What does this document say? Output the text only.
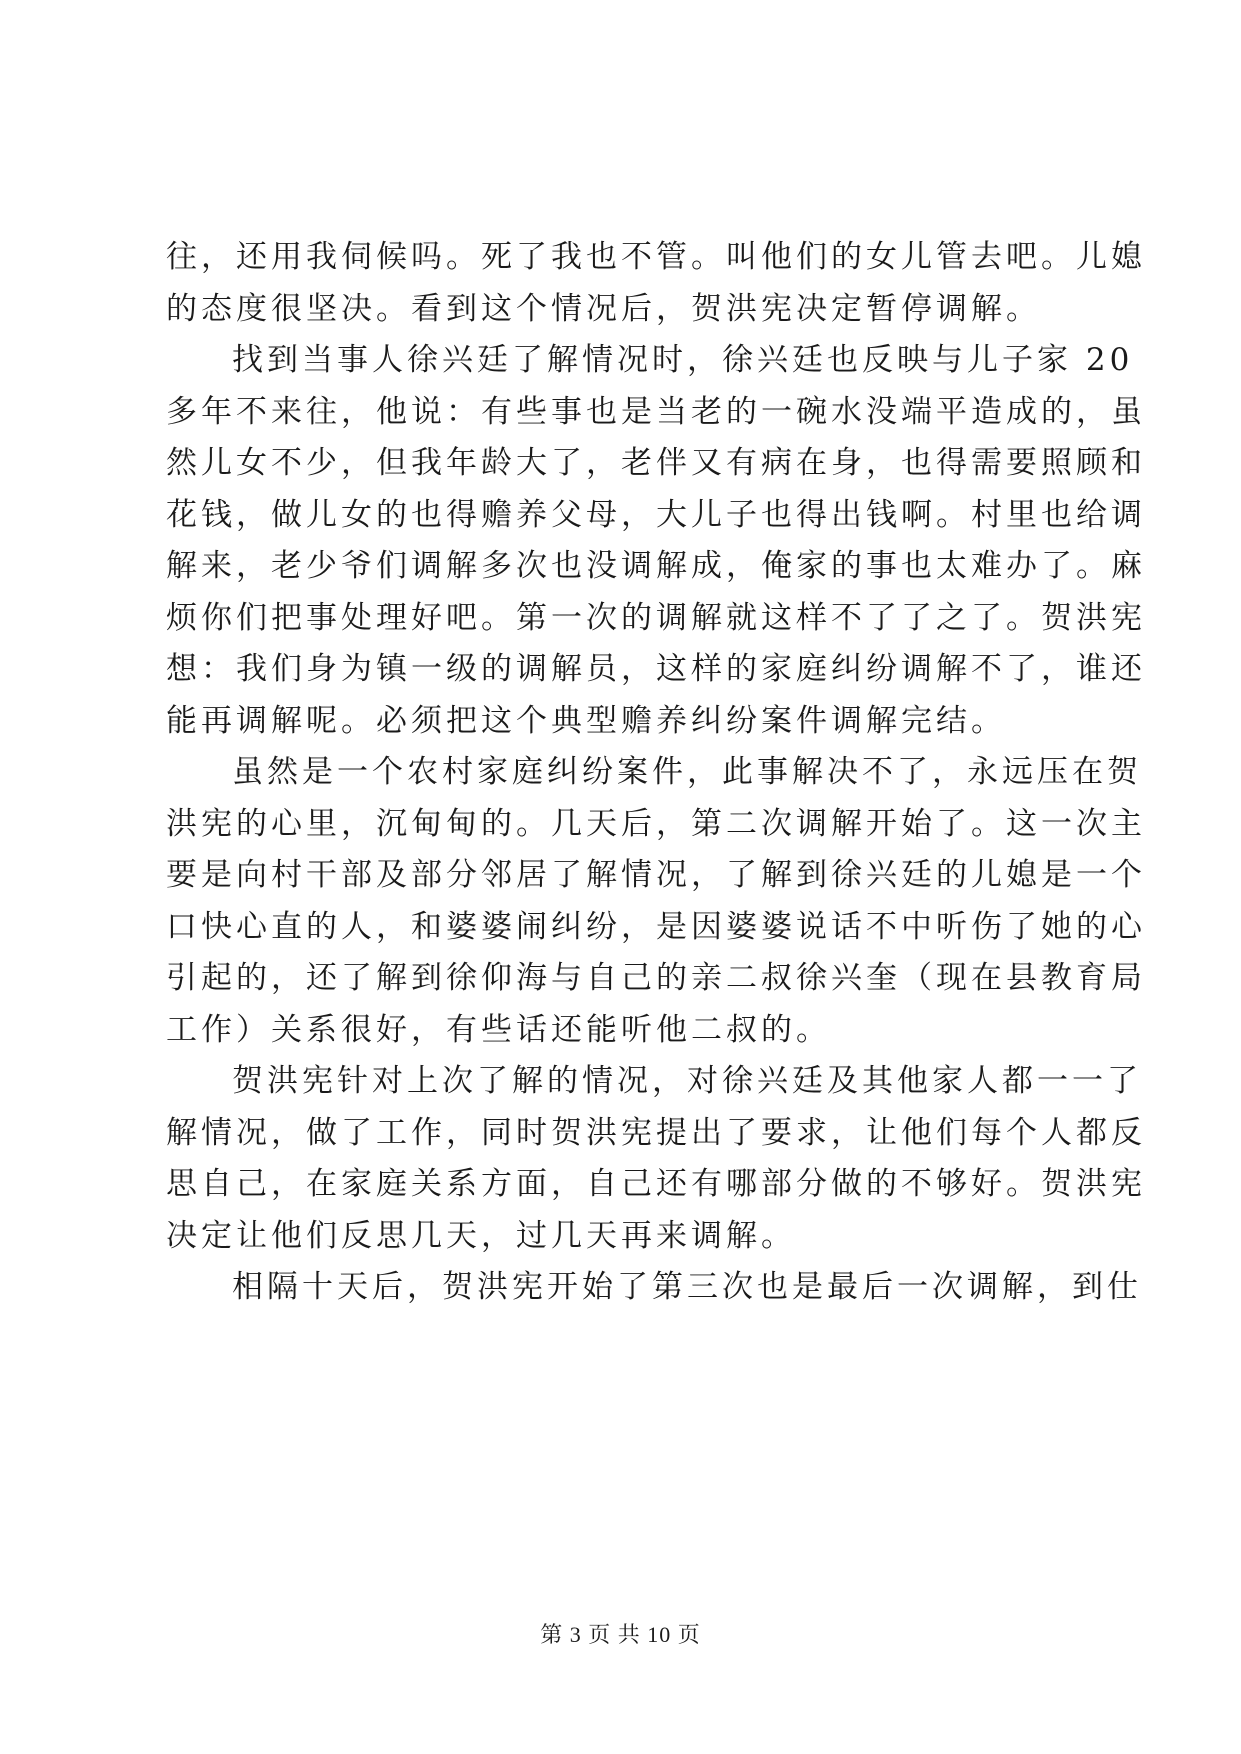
往，还用我伺候吗。死了我也不管。叫他们的女儿管去吧。儿媳
的态度很坚决。看到这个情况后，贺洪宪决定暂停调解。
找到当事人徐兴廷了解情况时，徐兴廷也反映与儿子家 20
多年不来往，他说：有些事也是当老的一碗水没端平造成的，虽
然儿女不少，但我年龄大了，老伴又有病在身，也得需要照顾和
花钱，做儿女的也得赡养父母，大儿子也得出钱啊。村里也给调
解来，老少爷们调解多次也没调解成，俺家的事也太难办了。麻
烦你们把事处理好吧。第一次的调解就这样不了了之了。贺洪宪
想：我们身为镇一级的调解员，这样的家庭纠纷调解不了，谁还
能再调解呢。必须把这个典型赡养纠纷案件调解完结。
虽然是一个农村家庭纠纷案件，此事解决不了，永远压在贺
洪宪的心里，沉甸甸的。几天后，第二次调解开始了。这一次主
要是向村干部及部分邻居了解情况，了解到徐兴廷的儿媳是一个
口快心直的人，和婆婆闹纠纷，是因婆婆说话不中听伤了她的心
引起的，还了解到徐仰海与自己的亲二叔徐兴奎（现在县教育局
工作）关系很好，有些话还能听他二叔的。
贺洪宪针对上次了解的情况，对徐兴廷及其他家人都一一了
解情况，做了工作，同时贺洪宪提出了要求，让他们每个人都反
思自己，在家庭关系方面，自己还有哪部分做的不够好。贺洪宪
决定让他们反思几天，过几天再来调解。
相隔十天后，贺洪宪开始了第三次也是最后一次调解，到仕
第 3 页 共 10 页
